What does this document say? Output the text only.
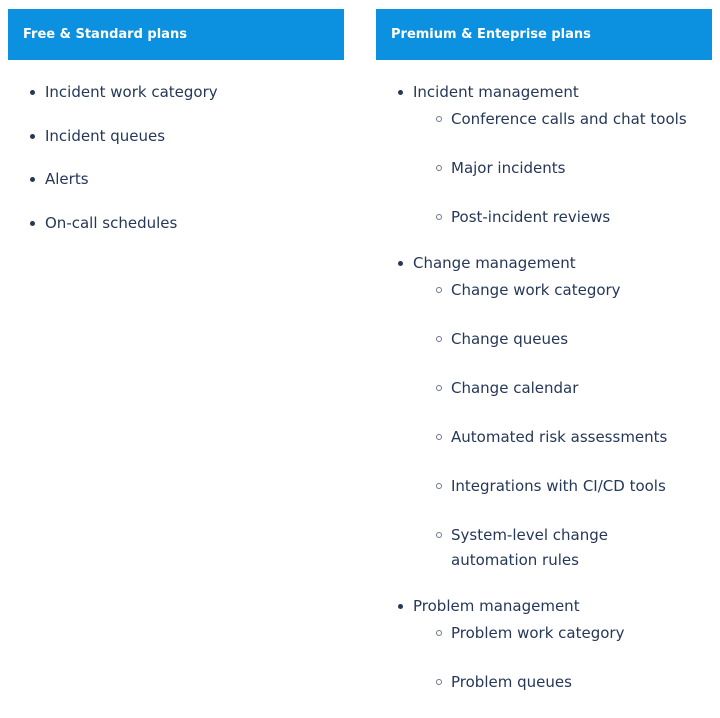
Free & Standard plans
Incident work category
Incident queues
Alerts
On-call schedules
Premium & Enteprise plans
Incident management
Conference calls and chat tools
Major incidents
Post-incident reviews
Change management
Change work category
Change queues
Change calendar
Automated risk assessments
Integrations with CI/CD tools
System-level change automation rules
Problem management
Problem work category
Problem queues
